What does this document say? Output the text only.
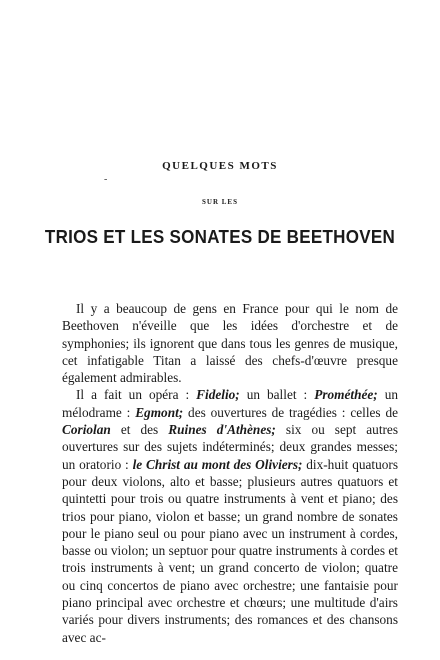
-
QUELQUES MOTS
SUR LES
TRIOS ET LES SONATES DE BEETHOVEN

Il y a beaucoup de gens en France pour qui le nom de Beethoven n'éveille que les idées d'orchestre et de symphonies; ils ignorent que dans tous les genres de musique, cet infatigable Titan a laissé des chefs-d'œuvre presque également admirables.

Il a fait un opéra : Fidelio; un ballet : Prométhée; un mélodrame : Egmont; des ouvertures de tragédies : celles de Coriolan et des Ruines d'Athènes; six ou sept autres ouvertures sur des sujets indéterminés; deux grandes messes; un oratorio : le Christ au mont des Oliviers; dix-huit quatuors pour deux violons, alto et basse; plusieurs autres quatuors et quintetti pour trois ou quatre instruments à vent et piano; des trios pour piano, violon et basse; un grand nombre de sonates pour le piano seul ou pour piano avec un instrument à cordes, basse ou violon; un septuor pour quatre instruments à cordes et trois instruments à vent; un grand concerto de violon; quatre ou cinq concertos de piano avec orchestre; une fantaisie pour piano principal avec orchestre et chœurs; une multitude d'airs variés pour divers instruments; des romances et des chansons avec ac-
